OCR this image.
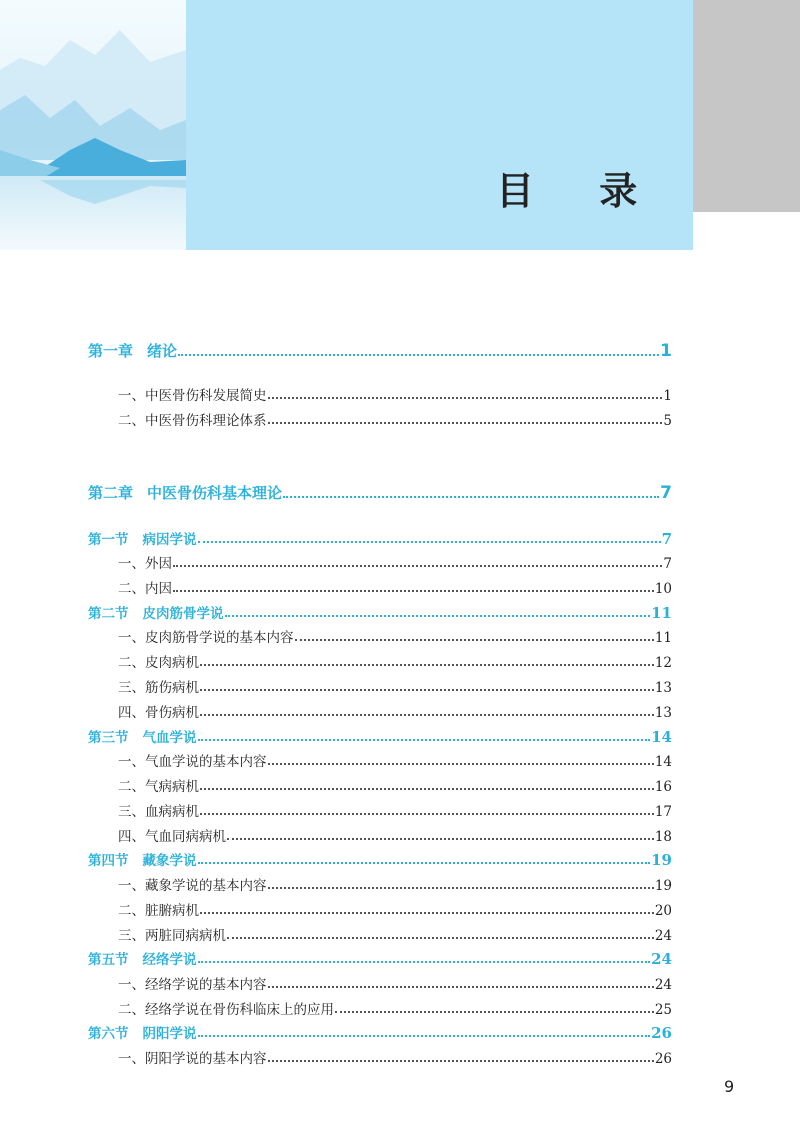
目 录
第一章 绪论	1
一、中医骨伤科发展简史	1
二、中医骨伤科理论体系	5
第二章 中医骨伤科基本理论	7
第一节 病因学说	7
一、外因	7
二、内因	10
第二节 皮肉筋骨学说	11
一、皮肉筋骨学说的基本内容	11
二、皮肉病机	12
三、筋伤病机	13
四、骨伤病机	13
第三节 气血学说	14
一、气血学说的基本内容	14
二、气病病机	16
三、血病病机	17
四、气血同病病机	18
第四节 藏象学说	19
一、藏象学说的基本内容	19
二、脏腑病机	20
三、两脏同病病机	24
第五节 经络学说	24
一、经络学说的基本内容	24
二、经络学说在骨伤科临床上的应用	25
第六节 阴阳学说	26
一、阴阳学说的基本内容	26
9
